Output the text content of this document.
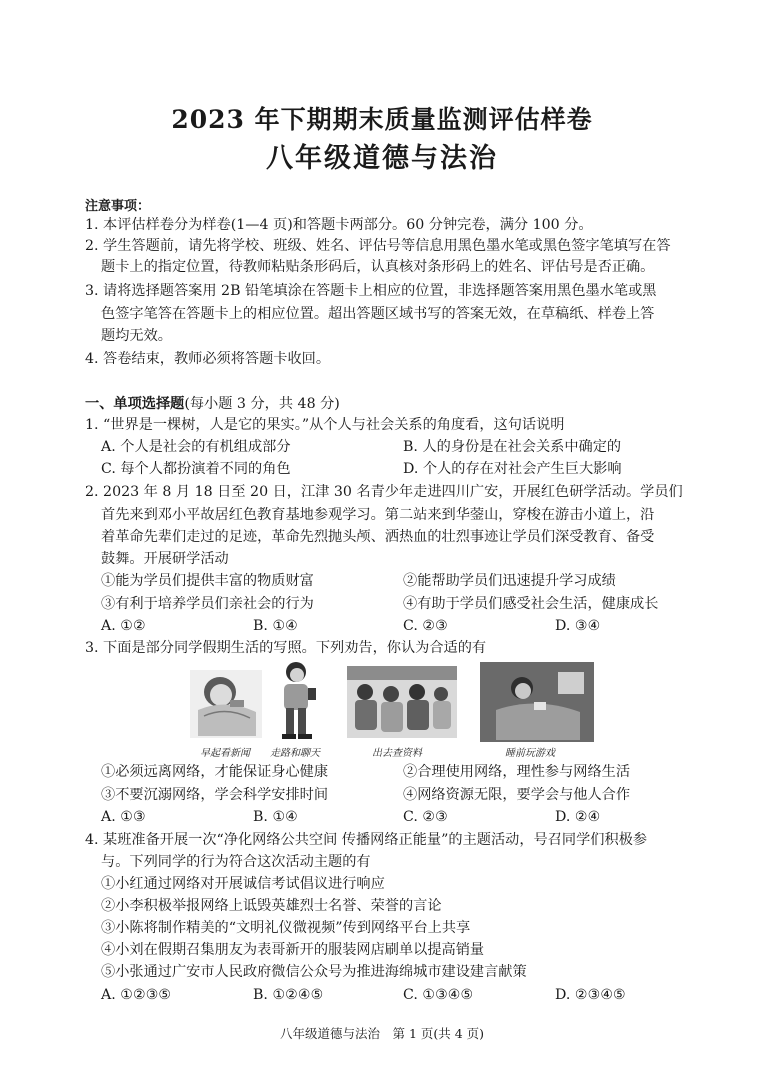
2023 年下期期末质量监测评估样卷
八年级道德与法治
注意事项：
1. 本评估样卷分为样卷(1—4 页)和答题卡两部分。60 分钟完卷，满分 100 分。
2. 学生答题前，请先将学校、班级、姓名、评估号等信息用黑色墨水笔或黑色签字笔填写在答
题卡上的指定位置，待教师粘贴条形码后，认真核对条形码上的姓名、评估号是否正确。
3. 请将选择题答案用 2B 铅笔填涂在答题卡上相应的位置，非选择题答案用黑色墨水笔或黑
色签字笔答在答题卡上的相应位置。超出答题区域书写的答案无效，在草稿纸、样卷上答
题均无效。
4. 答卷结束，教师必须将答题卡收回。
一、单项选择题(每小题 3 分，共 48 分)
1. “世界是一棵树，人是它的果实。”从个人与社会关系的角度看，这句话说明
A. 个人是社会的有机组成部分	B. 人的身份是在社会关系中确定的
C. 每个人都扮演着不同的角色	D. 个人的存在对社会产生巨大影响
2. 2023 年 8 月 18 日至 20 日，江津 30 名青少年走进四川广安，开展红色研学活动。学员们
首先来到邓小平故居红色教育基地参观学习。第二站来到华蓥山，穿梭在游击小道上，沿
着革命先辈们走过的足迹，革命先烈抛头颅、洒热血的壮烈事迹让学员们深受教育、备受
鼓舞。开展研学活动
①能为学员们提供丰富的物质财富	②能帮助学员们迅速提升学习成绩
③有利于培养学员们亲社会的行为	④有助于学员们感受社会生活，健康成长
A. ①②	B. ①④	C. ②③	D. ③④
3. 下面是部分同学假期生活的写照。下列劝告，你认为合适的有
早起看新闻 走路和聊天	出去查资料	睡前玩游戏
①必须远离网络，才能保证身心健康	②合理使用网络，理性参与网络生活
③不要沉溺网络，学会科学安排时间	④网络资源无限，要学会与他人合作
A. ①③	B. ①④	C. ②③	D. ②④
4. 某班准备开展一次“净化网络公共空间 传播网络正能量”的主题活动，号召同学们积极参
与。下列同学的行为符合这次活动主题的有
①小红通过网络对开展诚信考试倡议进行响应
②小李积极举报网络上诋毁英雄烈士名誉、荣誉的言论
③小陈将制作精美的“文明礼仪微视频”传到网络平台上共享
④小刘在假期召集朋友为表哥新开的服装网店刷单以提高销量
⑤小张通过广安市人民政府微信公众号为推进海绵城市建设建言献策
A. ①②③⑤	B. ①②④⑤	C. ①③④⑤	D. ②③④⑤
八年级道德与法治　第 1 页(共 4 页)
